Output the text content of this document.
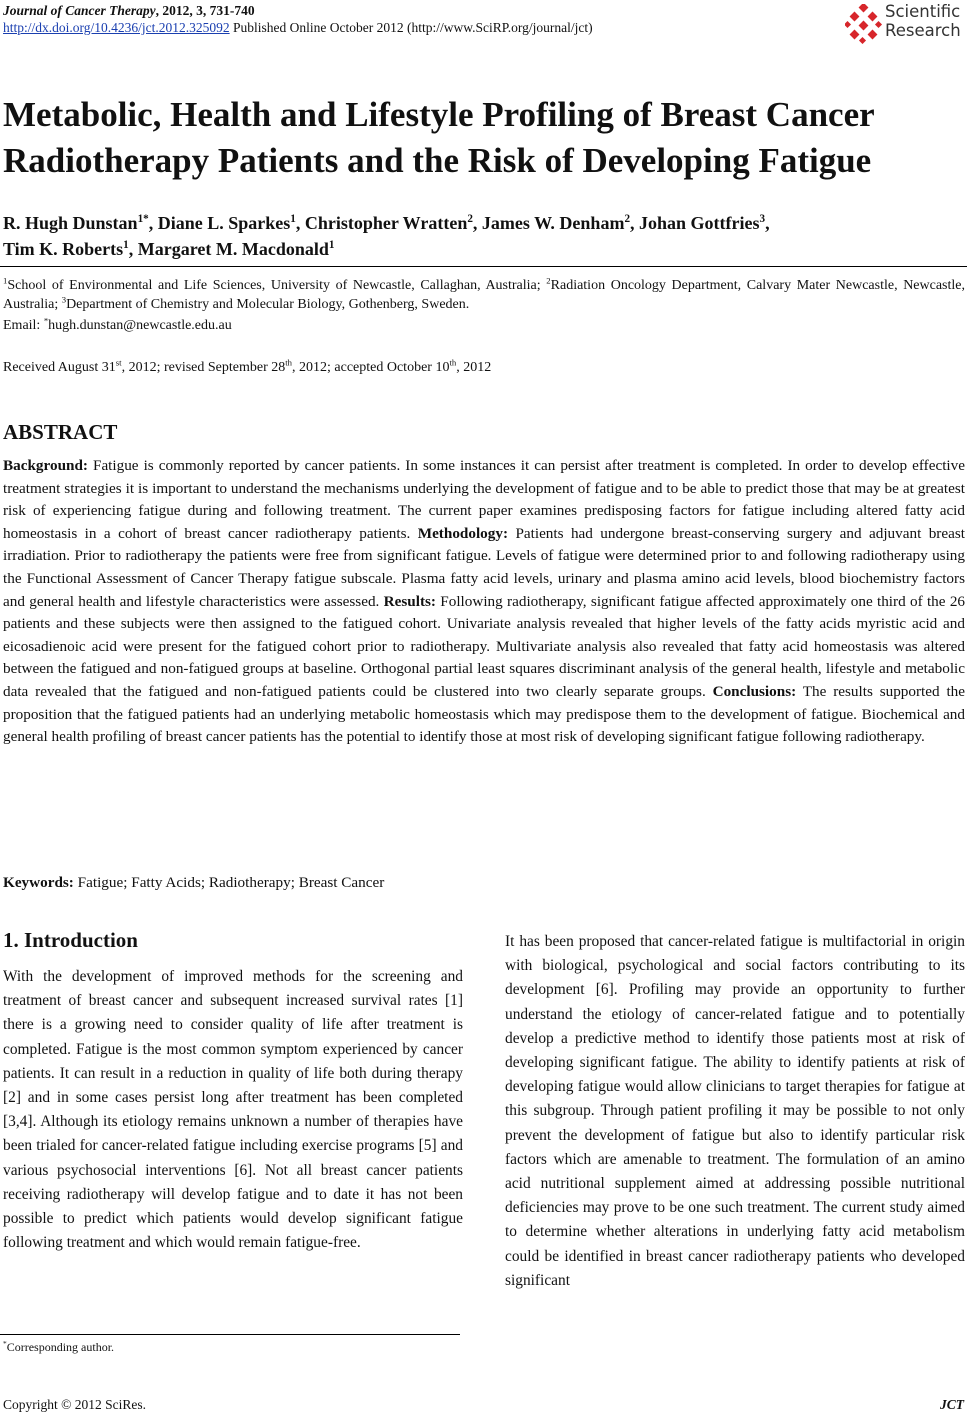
Journal of Cancer Therapy, 2012, 3, 731-740
http://dx.doi.org/10.4236/jct.2012.325092 Published Online October 2012 (http://www.SciRP.org/journal/jct)
Scientific
Research
Metabolic, Health and Lifestyle Profiling of Breast Cancer Radiotherapy Patients and the Risk of Developing Fatigue

R. Hugh Dunstan$^{1*}$, Diane L. Sparkes$^1$, Christopher Wratten$^2$, James W. Denham$^2$, Johan Gottfries$^3$,
Tim K. Roberts$^1$, Margaret M. Macdonald$^1$

$^1$School of Environmental and Life Sciences, University of Newcastle, Callaghan, Australia; $^2$Radiation Oncology Department, Calvary Mater Newcastle, Newcastle, Australia; $^3$Department of Chemistry and Molecular Biology, Gothenberg, Sweden.

Email: *hugh.dunstan@newcastle.edu.au
Received August 31st, 2012; revised September 28th, 2012; accepted October 10th, 2012
ABSTRACT

Background: Fatigue is commonly reported by cancer patients. In some instances it can persist after treatment is completed. In order to develop effective treatment strategies it is important to understand the mechanisms underlying the development of fatigue and to be able to predict those that may be at greatest risk of experiencing fatigue during and following treatment. The current paper examines predisposing factors for fatigue including altered fatty acid homeostasis in a cohort of breast cancer radiotherapy patients. Methodology: Patients had undergone breast-conserving surgery and adjuvant breast irradiation. Prior to radiotherapy the patients were free from significant fatigue. Levels of fatigue were determined prior to and following radiotherapy using the Functional Assessment of Cancer Therapy fatigue subscale. Plasma fatty acid levels, urinary and plasma amino acid levels, blood biochemistry factors and general health and lifestyle characteristics were assessed. Results: Following radiotherapy, significant fatigue affected approximately one third of the 26 patients and these subjects were then assigned to the fatigued cohort. Univariate analysis revealed that higher levels of the fatty acids myristic acid and eicosadienoic acid were present for the fatigued cohort prior to radiotherapy. Multivariate analysis also revealed that fatty acid homeostasis was altered between the fatigued and non-fatigued groups at baseline. Orthogonal partial least squares discriminant analysis of the general health, lifestyle and metabolic data revealed that the fatigued and non-fatigued patients could be clustered into two clearly separate groups. Conclusions: The results supported the proposition that the fatigued patients had an underlying metabolic homeostasis which may predispose them to the development of fatigue. Biochemical and general health profiling of breast cancer patients has the potential to identify those at most risk of developing significant fatigue following radiotherapy.

Keywords: Fatigue; Fatty Acids; Radiotherapy; Breast Cancer
1. Introduction

With the development of improved methods for the screening and treatment of breast cancer and subsequent increased survival rates [1] there is a growing need to consider quality of life after treatment is completed. Fatigue is the most common symptom experienced by cancer patients. It can result in a reduction in quality of life both during therapy [2] and in some cases persist long after treatment has been completed [3,4]. Although its etiology remains unknown a number of therapies have been trialed for cancer-related fatigue including exercise programs [5] and various psychosocial interventions [6]. Not all breast cancer patients receiving radiotherapy will develop fatigue and to date it has not been possible to predict which patients would develop significant fatigue following treatment and which would remain fatigue-free.

It has been proposed that cancer-related fatigue is multifactorial in origin with biological, psychological and social factors contributing to its development [6]. Profiling may provide an opportunity to further understand the etiology of cancer-related fatigue and to potentially develop a predictive method to identify those patients most at risk of developing significant fatigue. The ability to identify patients at risk of developing fatigue would allow clinicians to target therapies for fatigue at this subgroup. Through patient profiling it may be possible to not only prevent the development of fatigue but also to identify particular risk factors which are amenable to treatment. The formulation of an amino acid nutritional supplement aimed at addressing possible nutritional deficiencies may prove to be one such treatment. The current study aimed to determine whether alterations in underlying fatty acid metabolism could be identified in breast cancer radiotherapy patients who developed significant

*Corresponding author.
Copyright © 2012 SciRes.	JCT
